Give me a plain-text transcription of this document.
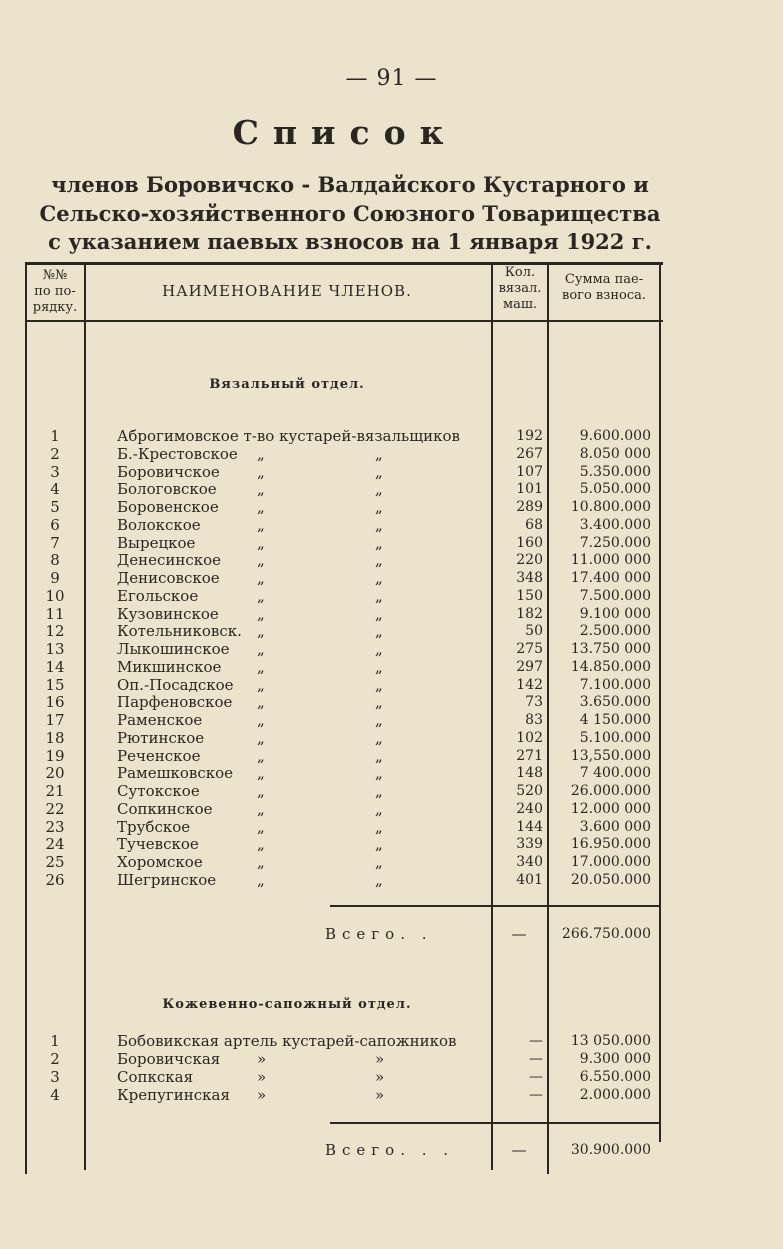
— 91 —
Список
членов Боровичско - Валдайского Кустарного и
Сельско-хозяйственного Союзного Товарищества
с указанием паевых взносов на 1 января 1922 г.
№№
по по-
рядку.
НАИМЕНОВАНИЕ ЧЛЕНОВ.
Кол.
вязал.
маш.
Сумма пае-
вого взноса.
Вязальный отдел.
1	Аброгимовское т-во кустарей-вязальщиков	192	9.600.000
2	Б.-Крестовское	„	„	267	8.050 000
3	Боровичское	„	„	107	5.350.000
4	Бологовское	„	„	101	5.050.000
5	Боровенское	„	„	289	10.800.000
6	Волокское	„	„	68	3.400.000
7	Вырецкое	„	„	160	7.250.000
8	Денесинское	„	„	220	11.000 000
9	Денисовское	„	„	348	17.400 000
10	Егольское	„	„	150	7.500.000
11	Кузовинское	„	„	182	9.100 000
12	Котельниковск.	„	„	50	2.500.000
13	Лыкошинское	„	„	275	13.750 000
14	Микшинское	„	„	297	14.850.000
15	Оп.-Посадское	„	„	142	7.100.000
16	Парфеновское	„	„	73	3.650.000
17	Раменское	„	„	83	4 150.000
18	Рютинское	„	„	102	5.100.000
19	Реченское	„	„	271	13,550.000
20	Рамешковское	„	„	148	7 400.000
21	Сутокское	„	„	520	26.000.000
22	Сопкинское	„	„	240	12.000 000
23	Трубское	„	„	144	3.600 000
24	Тучевское	„	„	339	16.950.000
25	Хоромское	„	„	340	17.000.000
26	Шегринское	„	„	401	20.050.000
Всего. .	—	266.750.000
Кожевенно-сапожный отдел.
1	Бобовикская артель кустарей-сапожников	—	13 050.000
2	Боровичская	»	»	—	9.300 000
3	Сопкская	»	»	—	6.550.000
4	Крепугинская	»	»	—	2.000.000
Всего. . .	—	30.900.000
